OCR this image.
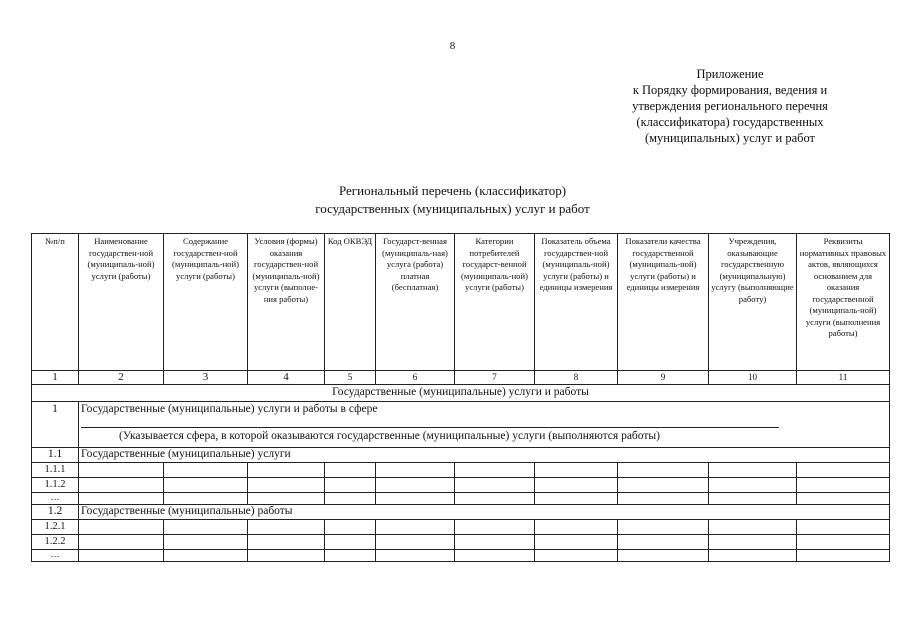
8
Приложение
к Порядку формирования, ведения и
утверждения регионального перечня
(классификатора) государственных
(муниципальных) услуг и работ
Региональный перечень (классификатор)
государственных (муниципальных) услуг и работ
№п/п	Наименование государствен-ной (муниципаль-ной) услуги (работы)	Содержание государствен-ной (муниципаль-ной) услуги (работы)	Условия (формы) оказания государствен-ной (муниципаль-ной) услуги (выполне-ния работы)	Код ОКВЭД	Государст-венная (муниципаль-ная) услуга (работа) платная (бесплатная)	Категории потребителей государст-венной (муниципаль-ной) услуги (работы)	Показатель объема государствен-ной (муниципаль-ной) услуги (работы) и единицы измерения	Показатели качества государственной (муниципаль-ной) услуги (работы) и единицы измерения	Учреждения, оказывающие государственную (муниципальную) услугу (выполняющие работу)	Реквизиты нормативных правовых актов, являющихся основанием для оказания государственной (муниципаль-ной) услуги (выполнения работы)
1	2	3	4	5	6	7	8	9	10	11
Государственные (муниципальные) услуги и работы										
1	Государственные (муниципальные) услуги и работы в сфере
(Указывается сфера, в которой оказываются государственные (муниципальные) услуги (выполняются работы)									

1.1	Государственные (муниципальные) услуги									
1.1.1										
1.1.2										
…										
1.2	Государственные (муниципальные) работы									
1.2.1										
1.2.2										
…										
